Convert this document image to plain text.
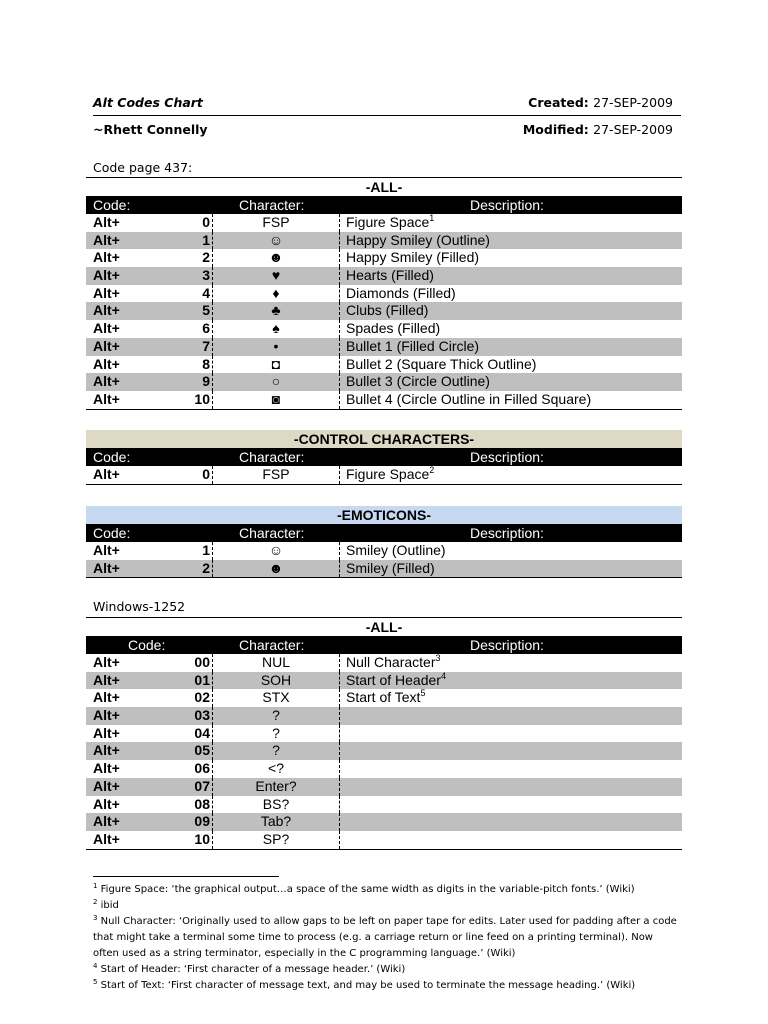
Alt Codes Chart	Created: 27-SEP-2009
~Rhett Connelly	Modified: 27-SEP-2009
Code page 437:
-ALL-
Code:	Character:	Description:
Alt+	0	FSP	Figure Space$^1$
Alt+	1	☺	Happy Smiley (Outline)
Alt+	2	☻	Happy Smiley (Filled)
Alt+	3	♥	Hearts (Filled)
Alt+	4	♦	Diamonds (Filled)
Alt+	5	♣	Clubs (Filled)
Alt+	6	♠	Spades (Filled)
Alt+	7	•	Bullet 1 (Filled Circle)
Alt+	8	◘	Bullet 2 (Square Thick Outline)
Alt+	9	○	Bullet 3 (Circle Outline)
Alt+	10	◙	Bullet 4 (Circle Outline in Filled Square)
-CONTROL CHARACTERS-
Code:	Character:	Description:
Alt+	0	FSP	Figure Space$^2$
-EMOTICONS-
Code:	Character:	Description:
Alt+	1	☺	Smiley (Outline)
Alt+	2	☻	Smiley (Filled)
Windows-1252
-ALL-
Code:	Character:	Description:
Alt+	00	NUL	Null Character$^3$
Alt+	01	SOH	Start of Header$^4$
Alt+	02	STX	Start of Text$^5$
Alt+	03	?
Alt+	04	?
Alt+	05	?
Alt+	06	<?
Alt+	07	Enter?
Alt+	08	BS?
Alt+	09	Tab?
Alt+	10	SP?
$^1$ Figure Space: ‘the graphical output…a space of the same width as digits in the variable-pitch fonts.’ (Wiki)
$^2$ ibid
$^3$ Null Character: ‘Originally used to allow gaps to be left on paper tape for edits. Later used for padding after a code that might take a terminal some time to process (e.g. a carriage return or line feed on a printing terminal). Now often used as a string terminator, especially in the C programming language.’ (Wiki)
$^4$ Start of Header: ‘First character of a message header.’ (Wiki)
$^5$ Start of Text: ‘First character of message text, and may be used to terminate the message heading.’ (Wiki)
